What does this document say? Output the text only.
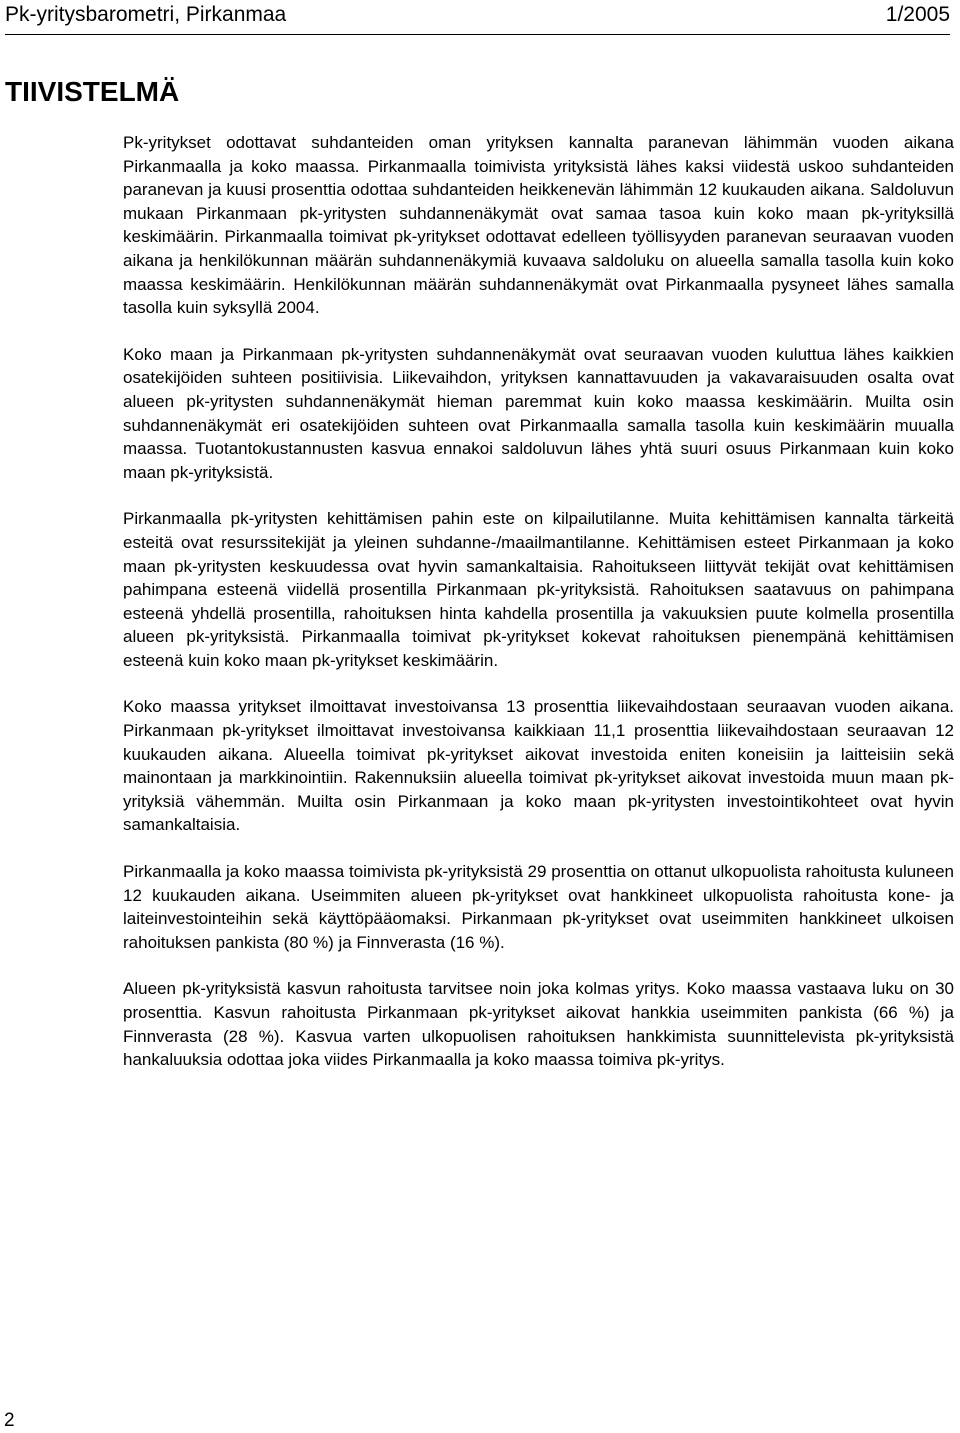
Pk-yritysbarometri, Pirkanmaa	1/2005
TIIVISTELMÄ

Pk-yritykset odottavat suhdanteiden oman yrityksen kannalta paranevan lähimmän vuoden aikana Pirkanmaalla ja koko maassa. Pirkanmaalla toimivista yrityksistä lähes kaksi viidestä uskoo suhdanteiden paranevan ja kuusi prosenttia odottaa suhdanteiden heikkenevän lähimmän 12 kuukauden aikana. Saldoluvun mukaan Pirkanmaan pk-yritysten suhdannenäkymät ovat samaa tasoa kuin koko maan pk-yrityksillä keskimäärin. Pirkanmaalla toimivat pk-yritykset odottavat edelleen työllisyyden paranevan seuraavan vuoden aikana ja henkilökunnan määrän suhdannenäkymiä kuvaava saldoluku on alueella samalla tasolla kuin koko maassa keskimäärin. Henkilökunnan määrän suhdannenäkymät ovat Pirkanmaalla pysyneet lähes samalla tasolla kuin syksyllä 2004.

Koko maan ja Pirkanmaan pk-yritysten suhdannenäkymät ovat seuraavan vuoden kuluttua lähes kaikkien osatekijöiden suhteen positiivisia. Liikevaihdon, yrityksen kannattavuuden ja vakavaraisuuden osalta ovat alueen pk-yritysten suhdannenäkymät hieman paremmat kuin koko maassa keskimäärin. Muilta osin suhdannenäkymät eri osatekijöiden suhteen ovat Pirkanmaalla samalla tasolla kuin keskimäärin muualla maassa. Tuotantokustannusten kasvua ennakoi saldoluvun lähes yhtä suuri osuus Pirkanmaan kuin koko maan pk-yrityksistä.

Pirkanmaalla pk-yritysten kehittämisen pahin este on kilpailutilanne. Muita kehittämisen kannalta tärkeitä esteitä ovat resurssitekijät ja yleinen suhdanne-/maailmantilanne. Kehittämisen esteet Pirkanmaan ja koko maan pk-yritysten keskuudessa ovat hyvin samankaltaisia. Rahoitukseen liittyvät tekijät ovat kehittämisen pahimpana esteenä viidellä prosentilla Pirkanmaan pk-yrityksistä. Rahoituksen saatavuus on pahimpana esteenä yhdellä prosentilla, rahoituksen hinta kahdella prosentilla ja vakuuksien puute kolmella prosentilla alueen pk-yrityksistä. Pirkanmaalla toimivat pk-yritykset kokevat rahoituksen pienempänä kehittämisen esteenä kuin koko maan pk-yritykset keskimäärin.

Koko maassa yritykset ilmoittavat investoivansa 13 prosenttia liikevaihdostaan seuraavan vuoden aikana. Pirkanmaan pk-yritykset ilmoittavat investoivansa kaikkiaan 11,1 prosenttia liikevaihdostaan seuraavan 12 kuukauden aikana. Alueella toimivat pk-yritykset aikovat investoida eniten koneisiin ja laitteisiin sekä mainontaan ja markkinointiin. Rakennuksiin alueella toimivat pk-yritykset aikovat investoida muun maan pk-yrityksiä vähemmän. Muilta osin Pirkanmaan ja koko maan pk-yritysten investointikohteet ovat hyvin samankaltaisia.

Pirkanmaalla ja koko maassa toimivista pk-yrityksistä 29 prosenttia on ottanut ulkopuolista rahoitusta kuluneen 12 kuukauden aikana. Useimmiten alueen pk-yritykset ovat hankkineet ulkopuolista rahoitusta kone- ja laiteinvestointeihin sekä käyttöpääomaksi. Pirkanmaan pk-yritykset ovat useimmiten hankkineet ulkoisen rahoituksen pankista (80 %) ja Finnverasta (16 %).

Alueen pk-yrityksistä kasvun rahoitusta tarvitsee noin joka kolmas yritys. Koko maassa vastaava luku on 30 prosenttia. Kasvun rahoitusta Pirkanmaan pk-yritykset aikovat hankkia useimmiten pankista (66 %) ja Finnverasta (28 %). Kasvua varten ulkopuolisen rahoituksen hankkimista suunnittelevista pk-yrityksistä hankaluuksia odottaa joka viides Pirkanmaalla ja koko maassa toimiva pk-yritys.

2
